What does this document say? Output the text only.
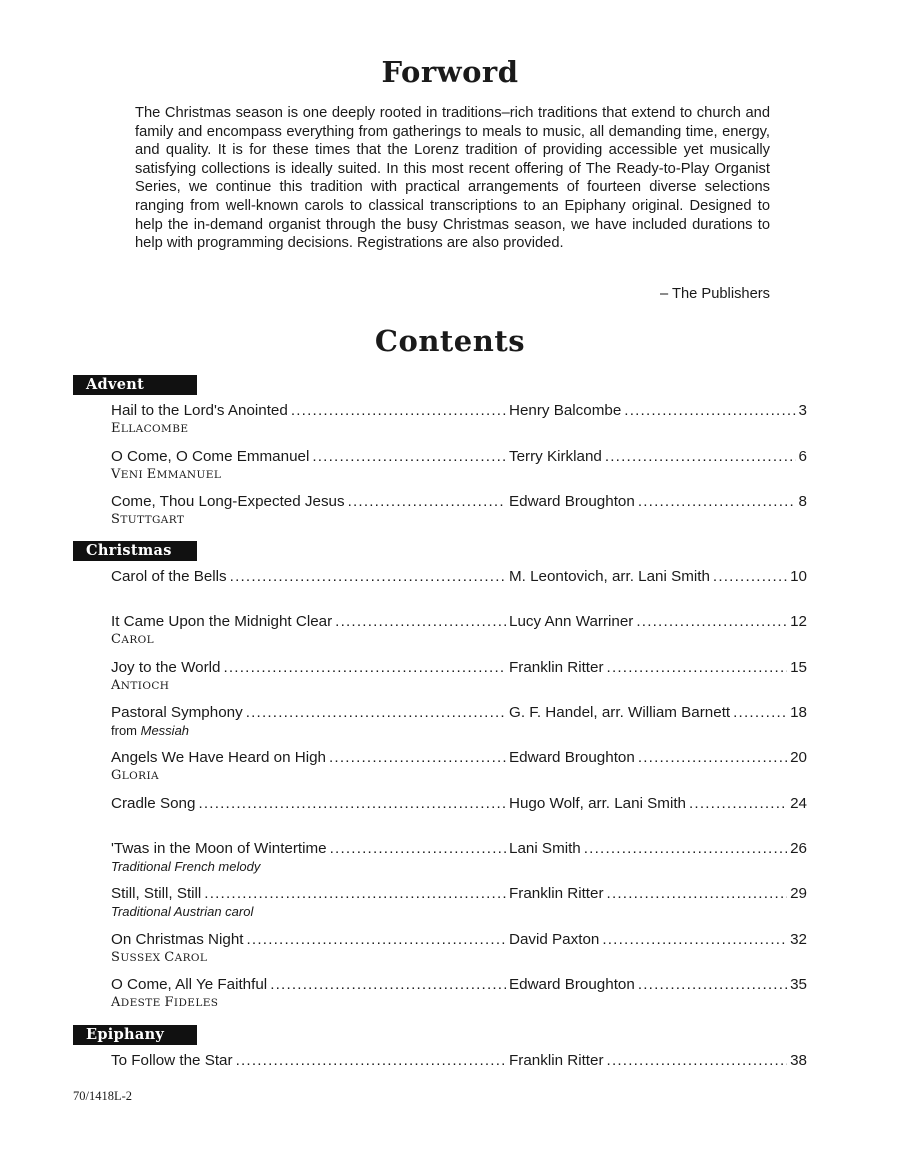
Forword

The Christmas season is one deeply rooted in traditions–rich traditions that extend to church and family and encompass everything from gatherings to meals to music, all demanding time, energy, and quality. It is for these times that the Lorenz tradition of providing accessible yet musically satisfying collections is ideally suited. In this most recent offering of The Ready-to-Play Organist Series, we continue this tradition with practical arrangements of fourteen diverse selections ranging from well-known carols to classical transcriptions to an Epiphany original. Designed to help the in-demand organist through the busy Christmas season, we have included durations to help with programming decisions. Registrations are also provided.

– The Publishers
Contents
Advent
Hail to the Lord's Anointed .....	Henry Balcombe .....	3
ELLACOMBE
O Come, O Come Emmanuel .....	Terry Kirkland .....	6
VENI EMMANUEL
Come, Thou Long-Expected Jesus .....	Edward Broughton .....	8
STUTTGART
Christmas
Carol of the Bells .....	M. Leontovich, arr. Lani Smith .....	10
It Came Upon the Midnight Clear .....	Lucy Ann Warriner .....	12
CAROL
Joy to the World .....	Franklin Ritter .....	15
ANTIOCH
Pastoral Symphony .....	G. F. Handel, arr. William Barnett .....	18
from Messiah
Angels We Have Heard on High .....	Edward Broughton .....	20
GLORIA
Cradle Song .....	Hugo Wolf, arr. Lani Smith .....	24
'Twas in the Moon of Wintertime .....	Lani Smith .....	26
Traditional French melody
Still, Still, Still .....	Franklin Ritter .....	29
Traditional Austrian carol
On Christmas Night .....	David Paxton .....	32
SUSSEX CAROL
O Come, All Ye Faithful .....	Edward Broughton .....	35
ADESTE FIDELES
Epiphany
To Follow the Star .....	Franklin Ritter .....	38
70/1418L-2
